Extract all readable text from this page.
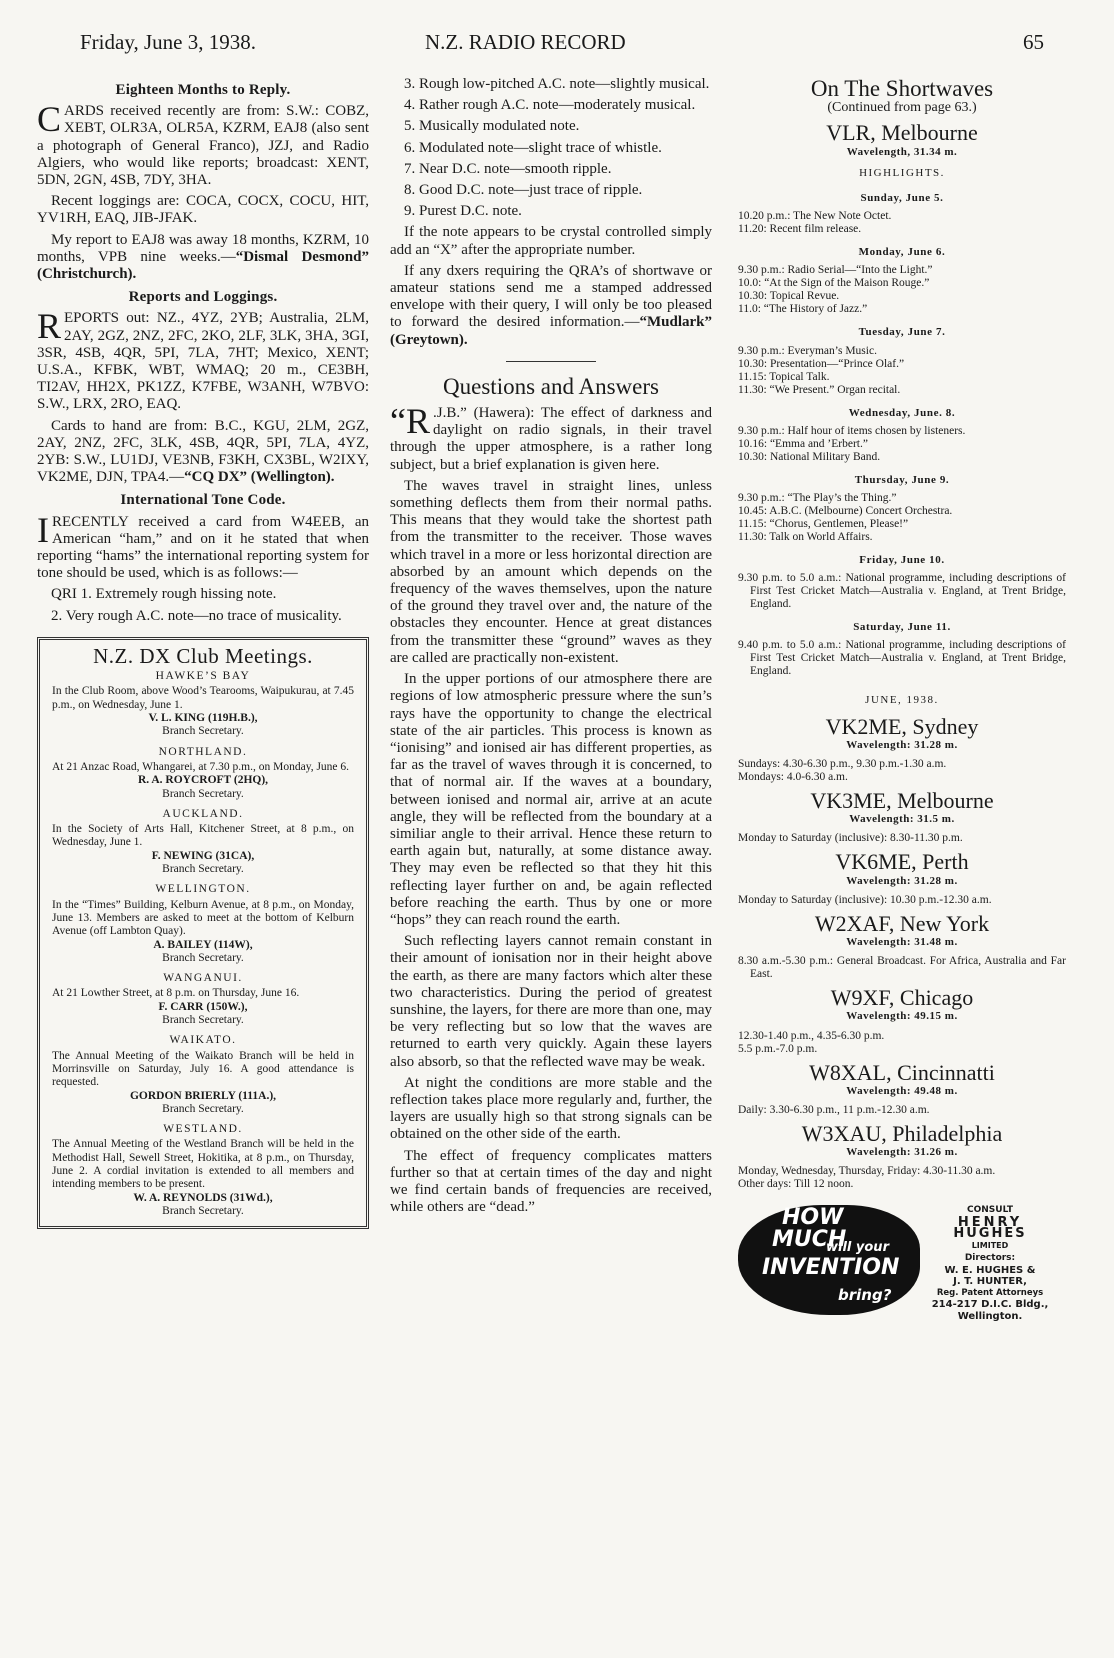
Friday, June 3, 1938.	N.Z. RADIO RECORD	65
Eighteen Months to Reply.

CARDS received recently are from: S.W.: COBZ, XEBT, OLR3A, OLR5A, KZRM, EAJ8 (also sent a photograph of General Franco), JZJ, and Radio Algiers, who would like reports; broadcast: XENT, 5DN, 2GN, 4SB, 7DY, 3HA.

Recent loggings are: COCA, COCX, COCU, HIT, YV1RH, EAQ, JIB-JFAK.

My report to EAJ8 was away 18 months, KZRM, 10 months, VPB nine weeks.—“Dismal Desmond” (Christchurch).

Reports and Loggings.

REPORTS out: NZ., 4YZ, 2YB; Australia, 2LM, 2AY, 2GZ, 2NZ, 2FC, 2KO, 2LF, 3LK, 3HA, 3GI, 3SR, 4SB, 4QR, 5PI, 7LA, 7HT; Mexico, XENT; U.S.A., KFBK, WBT, WMAQ; 20 m., CE3BH, TI2AV, HH2X, PK1ZZ, K7FBE, W3ANH, W7BVO: S.W., LRX, 2RO, EAQ.

Cards to hand are from: B.C., KGU, 2LM, 2GZ, 2AY, 2NZ, 2FC, 3LK, 4SB, 4QR, 5PI, 7LA, 4YZ, 2YB: S.W., LU1DJ, VE3NB, F3KH, CX3BL, W2IXY, VK2ME, DJN, TPA4.—“CQ DX” (Wellington).

International Tone Code.

IRECENTLY received a card from W4EEB, an American “ham,” and on it he stated that when reporting “hams” the international reporting system for tone should be used, which is as follows:—

QRI 1. Extremely rough hissing note.

2. Very rough A.C. note—no trace of musicality.

N.Z. DX Club Meetings.
HAWKE’S BAY
In the Club Room, above Wood’s Tearooms, Waipukurau, at 7.45 p.m., on Wednesday, June 1.
V. L. KING (119H.B.),
Branch Secretary.
NORTHLAND.
At 21 Anzac Road, Whangarei, at 7.30 p.m., on Monday, June 6.
R. A. ROYCROFT (2HQ),
Branch Secretary.
AUCKLAND.
In the Society of Arts Hall, Kitchener Street, at 8 p.m., on Wednesday, June 1.
F. NEWING (31CA),
Branch Secretary.
WELLINGTON.
In the “Times” Building, Kelburn Avenue, at 8 p.m., on Monday, June 13. Members are asked to meet at the bottom of Kelburn Avenue (off Lambton Quay).
A. BAILEY (114W),
Branch Secretary.
WANGANUI.
At 21 Lowther Street, at 8 p.m. on Thursday, June 16.
F. CARR (150W.),
Branch Secretary.
WAIKATO.
The Annual Meeting of the Waikato Branch will be held in Morrinsville on Saturday, July 16. A good attendance is requested.
GORDON BRIERLY (111A.),
Branch Secretary.
WESTLAND.
The Annual Meeting of the Westland Branch will be held in the Methodist Hall, Sewell Street, Hokitika, at 8 p.m., on Thursday, June 2. A cordial invitation is extended to all members and intending members to be present.
W. A. REYNOLDS (31Wd.),
Branch Secretary.

3. Rough low-pitched A.C. note—slightly musical.

4. Rather rough A.C. note—moderately musical.

5. Musically modulated note.

6. Modulated note—slight trace of whistle.

7. Near D.C. note—smooth ripple.

8. Good D.C. note—just trace of ripple.

9. Purest D.C. note.

If the note appears to be crystal controlled simply add an “X” after the appropriate number.

If any dxers requiring the QRA’s of shortwave or amateur stations send me a stamped addressed envelope with their query, I will only be too pleased to forward the desired information.—“Mudlark” (Greytown).

Questions and Answers

“R .J.B.” (Hawera): The effect of darkness and daylight on radio signals, in their travel through the upper atmosphere, is a rather long subject, but a brief explanation is given here.

The waves travel in straight lines, unless something deflects them from their normal paths. This means that they would take the shortest path from the transmitter to the receiver. Those waves which travel in a more or less horizontal direction are absorbed by an amount which depends on the frequency of the waves themselves, upon the nature of the ground they travel over and, the nature of the obstacles they encounter. Hence at great distances from the transmitter these “ground” waves as they are called are practically non-existent.

In the upper portions of our atmosphere there are regions of low atmospheric pressure where the sun’s rays have the opportunity to change the electrical state of the air particles. This process is known as “ionising” and ionised air has different properties, as far as the travel of waves through it is concerned, to that of normal air. If the waves at a boundary, between ionised and normal air, arrive at an acute angle, they will be reflected from the boundary at a similiar angle to their arrival. Hence these return to earth again but, naturally, at some distance away. They may even be reflected so that they hit this reflecting layer further on and, be again reflected before reaching the earth. Thus by one or more “hops” they can reach round the earth.

Such reflecting layers cannot remain constant in their amount of ionisation nor in their height above the earth, as there are many factors which alter these two characteristics. During the period of greatest sunshine, the layers, for there are more than one, may be very reflecting but so low that the waves are returned to earth very quickly. Again these layers also absorb, so that the reflected wave may be weak.

At night the conditions are more stable and the reflection takes place more regularly and, further, the layers are usually high so that strong signals can be obtained on the other side of the earth.

The effect of frequency complicates matters further so that at certain times of the day and night we find certain bands of frequencies are received, while others are “dead.”

On The Shortwaves
(Continued from page 63.)
VLR, Melbourne
Wavelength, 31.34 m.
HIGHLIGHTS.
Sunday, June 5.
10.20 p.m.: The New Note Octet.
11.20: Recent film release.
Monday, June 6.
9.30 p.m.: Radio Serial—“Into the Light.”
10.0: “At the Sign of the Maison Rouge.”
10.30: Topical Revue.
11.0: “The History of Jazz.”
Tuesday, June 7.
9.30 p.m.: Everyman’s Music.
10.30: Presentation—“Prince Olaf.”
11.15: Topical Talk.
11.30: “We Present.” Organ recital.
Wednesday, June. 8.
9.30 p.m.: Half hour of items chosen by listeners.
10.16: “Emma and ’Erbert.”
10.30: National Military Band.
Thursday, June 9.
9.30 p.m.: “The Play’s the Thing.”
10.45: A.B.C. (Melbourne) Concert Orchestra.
11.15: “Chorus, Gentlemen, Please!”
11.30: Talk on World Affairs.
Friday, June 10.
9.30 p.m. to 5.0 a.m.: National programme, including descriptions of First Test Cricket Match—Australia v. England, at Trent Bridge, England.
Saturday, June 11.
9.40 p.m. to 5.0 a.m.: National programme, including descriptions of First Test Cricket Match—Australia v. England, at Trent Bridge, England.
JUNE, 1938.
VK2ME, Sydney
Wavelength: 31.28 m.
Sundays: 4.30-6.30 p.m., 9.30 p.m.-1.30 a.m.
Mondays: 4.0-6.30 a.m.
VK3ME, Melbourne
Wavelength: 31.5 m.
Monday to Saturday (inclusive): 8.30-11.30 p.m.
VK6ME, Perth
Wavelength: 31.28 m.
Monday to Saturday (inclusive): 10.30 p.m.-12.30 a.m.
W2XAF, New York
Wavelength: 31.48 m.
8.30 a.m.-5.30 p.m.: General Broadcast. For Africa, Australia and Far East.
W9XF, Chicago
Wavelength: 49.15 m.
12.30-1.40 p.m., 4.35-6.30 p.m.
5.5 p.m.-7.0 p.m.
W8XAL, Cincinnatti
Wavelength: 49.48 m.
Daily: 3.30-6.30 p.m., 11 p.m.-12.30 a.m.
W3XAU, Philadelphia
Wavelength: 31.26 m.
Monday, Wednesday, Thursday, Friday: 4.30-11.30 a.m.
Other days: Till 12 noon.
HOW
MUCH
will your
INVENTION
bring?
CONSULT
HENRY
HUGHES
LIMITED
Directors:
W. E. HUGHES &
J. T. HUNTER,
Reg. Patent Attorneys
214-217 D.I.C. Bldg.,
Wellington.
